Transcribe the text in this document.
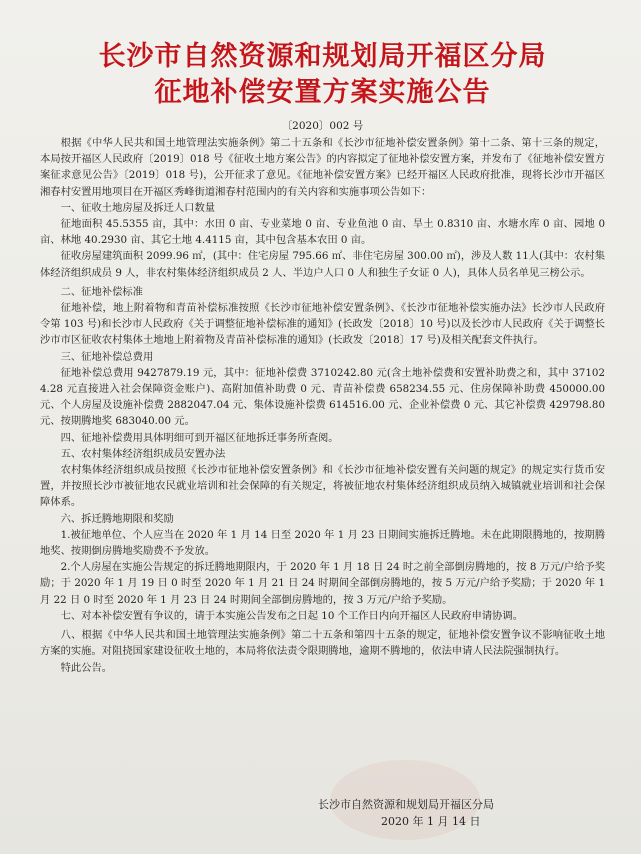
长沙市自然资源和规划局开福区分局
征地补偿安置方案实施公告

〔2020〕002 号

根据《中华人民共和国土地管理法实施条例》第二十五条和《长沙市征地补偿安置条例》第十二条、第十三条的规定，本局按开福区人民政府〔2019〕018 号《征收土地方案公告》的内容拟定了征地补偿安置方案，并发布了《征地补偿安置方案征求意见公告》〔2019〕018 号)，公开征求了意见。《征地补偿安置方案》已经开福区人民政府批准，现将长沙市开福区湘春村安置用地项目在开福区秀峰街道湘春村范围内的有关内容和实施事项公告如下：

一、征收土地房屋及拆迁人口数量

征地面积 45.5355 亩，其中：水田 0 亩、专业菜地 0 亩、专业鱼池 0 亩、旱土 0.8310 亩、水塘水库 0 亩、园地 0 亩、林地 40.2930 亩、其它土地 4.4115 亩，其中包含基本农田 0 亩。

征收房屋建筑面积 2099.96 ㎡，(其中：住宅房屋 795.66 ㎡、非住宅房屋 300.00 ㎡)，涉及人数 11人(其中：农村集体经济组织成员 9 人，非农村集体经济组织成员 2 人、半边户人口 0 人和独生子女证 0 人)，具体人员名单见三榜公示。

二、征地补偿标准

征地补偿，地上附着物和青苗补偿标准按照《长沙市征地补偿安置条例》、《长沙市征地补偿实施办法》长沙市人民政府令第 103 号)和长沙市人民政府《关于调整征地补偿标准的通知》(长政发〔2018〕10 号)以及长沙市人民政府《关于调整长沙市市区征收农村集体土地地上附着物及青苗补偿标准的通知》(长政发〔2018〕17 号)及相关配套文件执行。

三、征地补偿总费用

征地补偿总费用 9427879.19 元，其中：征地补偿费 3710242.80 元(含土地补偿费和安置补助费之和，其中 371024.28 元直接进入社会保障资金账户)、高附加值补助费 0 元、青苗补偿费 658234.55 元、住房保障补助费 450000.00 元、个人房屋及设施补偿费 2882047.04 元、集体设施补偿费 614516.00 元、企业补偿费 0 元、其它补偿费 429798.80 元、按期腾地奖 683040.00 元。

四、征地补偿费用具体明细可到开福区征地拆迁事务所查阅。

五、农村集体经济组织成员安置办法

农村集体经济组织成员按照《长沙市征地补偿安置条例》和《长沙市征地补偿安置有关问题的规定》的规定实行货币安置，并按照长沙市被征地农民就业培训和社会保障的有关规定，将被征地农村集体经济组织成员纳入城镇就业培训和社会保障体系。

六、拆迁腾地期限和奖励

1.被征地单位、个人应当在 2020 年 1 月 14 日至 2020 年 1 月 23 日期间实施拆迁腾地。未在此期限腾地的，按期腾地奖、按期倒房腾地奖励费不予发放。

2.个人房屋在实施公告规定的拆迁腾地期限内，于 2020 年 1 月 18 日 24 时之前全部倒房腾地的，按 8 万元/户给予奖励；于 2020 年 1 月 19 日 0 时至 2020 年 1 月 21 日 24 时期间全部倒房腾地的，按 5 万元/户给予奖励；于 2020 年 1 月 22 日 0 时至 2020 年 1 月 23 日 24 时期间全部倒房腾地的，按 3 万元/户给予奖励。

七、对本补偿安置有争议的，请于本实施公告发布之日起 10 个工作日内向开福区人民政府申请协调。

八、根据《中华人民共和国土地管理法实施条例》第二十五条和第四十五条的规定，征地补偿安置争议不影响征收土地方案的实施。对阻挠国家建设征收土地的，本局将依法责令限期腾地，逾期不腾地的，依法申请人民法院强制执行。

特此公告。

长沙市自然资源和规划局开福区分局

2020 年 1 月 14 日
